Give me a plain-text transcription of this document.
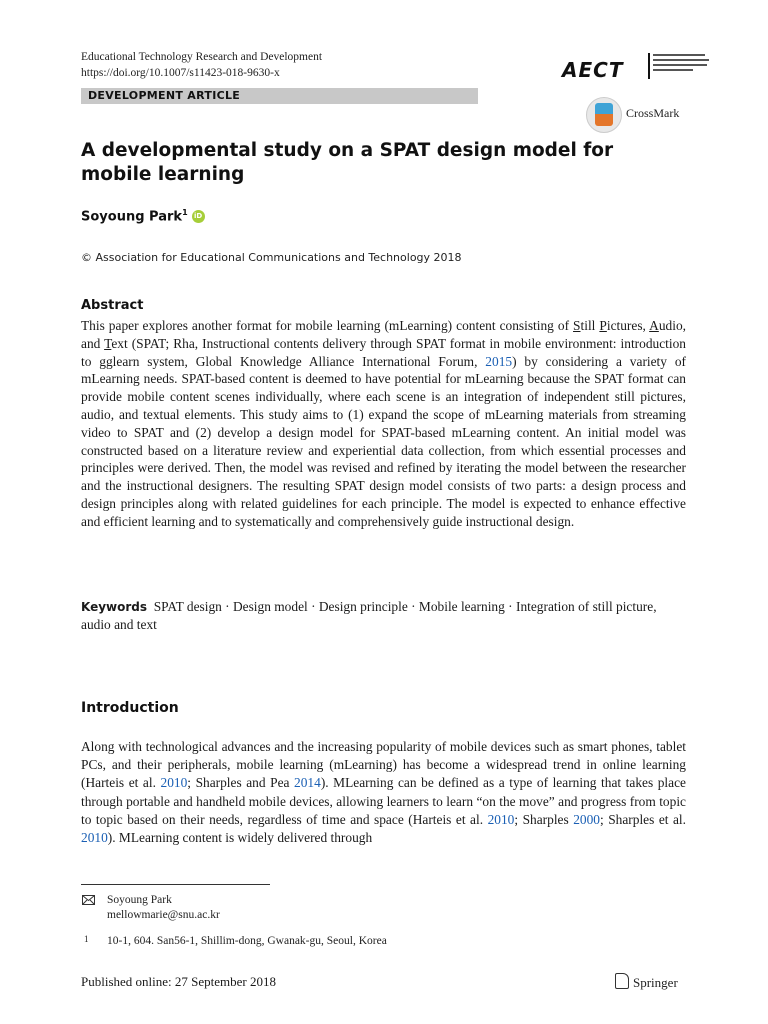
Educational Technology Research and Development
https://doi.org/10.1007/s11423-018-9630-x	AECT
DEVELOPMENT ARTICLE
CrossMark
A developmental study on a SPAT design model for mobile learning
Soyoung Park$^1$ iD
© Association for Educational Communications and Technology 2018
Abstract
This paper explores another format for mobile learning (mLearning) content consisting of Still Pictures, Audio, and Text (SPAT; Rha, Instructional contents delivery through SPAT format in mobile environment: introduction to gglearn system, Global Knowledge Alliance International Forum, 2015) by considering a variety of mLearning needs. SPAT-based content is deemed to have potential for mLearning because the SPAT format can provide mobile content scenes individually, where each scene is an integration of independent still pictures, audio, and textual elements. This study aims to (1) expand the scope of mLearning materials from streaming video to SPAT and (2) develop a design model for SPAT-based mLearning content. An initial model was constructed based on a literature review and experiential data collection, from which essential processes and principles were derived. Then, the model was revised and refined by iterating the model between the researcher and the instructional designers. The resulting SPAT design model consists of two parts: a design process and design principles along with related guidelines for each principle. The model is expected to enhance effective and efficient learning and to systematically and comprehensively guide instructional design.
Keywords SPAT design · Design model · Design principle · Mobile learning · Integration of still picture, audio and text
Introduction
Along with technological advances and the increasing popularity of mobile devices such as smart phones, tablet PCs, and their peripherals, mobile learning (mLearning) has become a widespread trend in online learning (Harteis et al. 2010; Sharples and Pea 2014). MLearning can be defined as a type of learning that takes place through portable and handheld mobile devices, allowing learners to learn “on the move” and progress from topic to topic based on their needs, regardless of time and space (Harteis et al. 2010; Sharples 2000; Sharples et al. 2010). MLearning content is widely delivered through
Soyoung Park
mellowmarie@snu.ac.kr
1 10-1, 604. San56-1, Shillim-dong, Gwanak-gu, Seoul, Korea
Published online: 27 September 2018	Springer
